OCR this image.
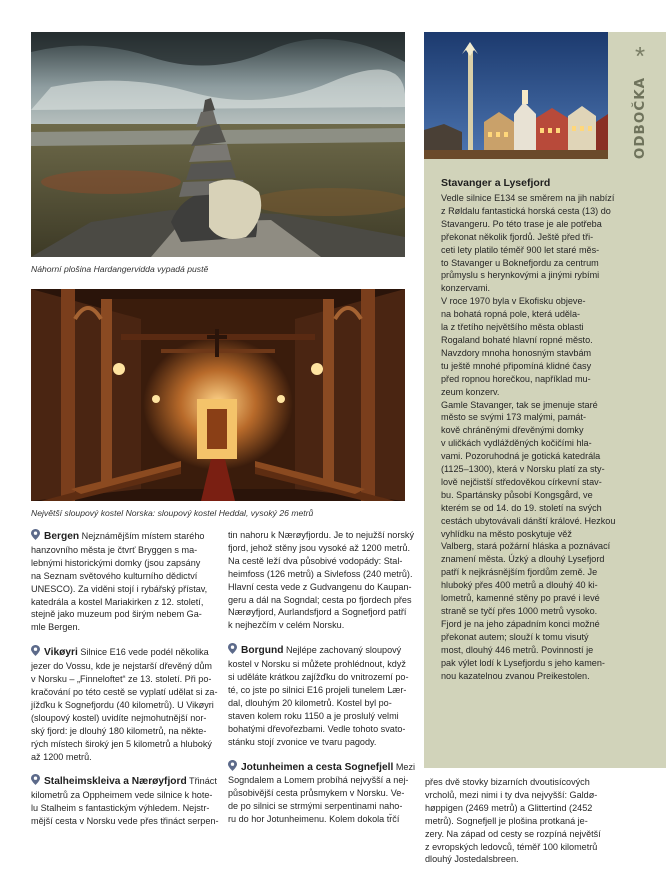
Náhorní plošina Hardangervidda vypadá pustě
Největší sloupový kostel Norska: sloupový kostel Heddal, vysoký 26 metrů
*
ODBOČKA
Stavanger a Lysefjord
Vedle silnice E134 se směrem na jih nabízí
z Røldalu fantastická horská cesta (13) do
Stavangeru. Po této trase je ale potřeba
překonat několik fjordů. Ještě před tři-
ceti lety platilo téměř 900 let staré měs-
to Stavanger u Boknefjordu za centrum
průmyslu s herynkovými a jinými rybími
konzervami.
V roce 1970 byla v Ekofisku objeve-
na bohatá ropná pole, která uděla-
la z třetího největšího města oblasti
Rogaland bohaté hlavní ropné město.
Navzdory mnoha honosným stavbám
tu ještě mnohé připomíná klidné časy
před ropnou horečkou, například mu-
zeum konzerv.
Gamle Stavanger, tak se jmenuje staré
město se svými 173 malými, památ-
kově chráněnými dřevěnými domky
v uličkách vydlážděných kočičími hla-
vami. Pozoruhodná je gotická katedrála
(1125–1300), která v Norsku platí za sty-
lově nejčistší středověkou církevní stav-
bu. Spartánsky působí Kongsgård, ve
kterém se od 14. do 19. století na svých
cestách ubytovávali dánští králové. Hezkou
vyhlídku na město poskytuje věž
Valberg, stará požární hláska a poznávací
znamení města. Úzký a dlouhý Lysefjord
patří k nejkrásnějším fjordům země. Je
hluboký přes 400 metrů a dlouhý 40 ki-
lometrů, kamenné stěny po pravé i levé
straně se tyčí přes 1000 metrů vysoko.
Fjord je na jeho západním konci možné
překonat autem; slouží k tomu visutý
most, dlouhý 446 metrů. Povinností je
pak výlet lodí k Lysefjordu s jeho kamen-
nou kazatelnou zvanou Preikestolen.
Bergen Nejznámějším místem starého
hanzovního města je čtvrť Bryggen s ma-
lebnými historickými domky (jsou zapsány
na Seznam světového kulturního dědictví
UNESCO). Za viděni stojí i rybářský přístav,
katedrála a kostel Mariakirken z 12. století,
stejně jako muzeum pod širým nebem Ga-
mle Bergen.
Vikøyri Silnice E16 vede podél několika
jezer do Vossu, kde je nejstarší dřevěný dům
v Norsku – „Finneloftet“ ze 13. století. Při po-
kračování po této cestě se vyplatí udělat si za-
jížďku k Sognefjordu (40 kilometrů). U Vikøyri
(sloupový kostel) uvidíte nejmohutnější nor-
ský fjord: je dlouhý 180 kilometrů, na někte-
rých místech široký jen 5 kilometrů a hluboký
až 1200 metrů.
Stalheimskleiva a Nærøyfjord Třináct
kilometrů za Oppheimem vede silnice k hote-
lu Stalheim s fantastickým výhledem. Nejstr-
mější cesta v Norsku vede přes třináct serpen-
tin nahoru k Nærøyfjordu. Je to nejužší norský
fjord, jehož stěny jsou vysoké až 1200 metrů.
Na cestě leží dva působivé vodopády: Stal-
heimfoss (126 metrů) a Sivlefoss (240 metrů).
Hlavní cesta vede z Gudvangenu do Kaupan-
geru a dál na Sogndal; cesta po fjordech přes
Nærøyfjord, Aurlandsfjord a Sognefjord patří
k nejhezčím v celém Norsku.
Borgund Nejlépe zachovaný sloupový
kostel v Norsku si můžete prohlédnout, když
si uděláte krátkou zajížďku do vnitrozemí po-
té, co jste po silnici E16 projeli tunelem Lær-
dal, dlouhým 20 kilometrů. Kostel byl po-
staven kolem roku 1150 a je proslulý velmi
bohatými dřevořezbami. Vedle tohoto svato-
stánku stojí zvonice ve tvaru pagody.
Jotunheimen a cesta Sognefjell Mezi
Sogndalem a Lomem probíhá nejvyšší a nej-
působivější cesta průsmykem v Norsku. Ve-
de po silnici se strmými serpentinami naho-
ru do hor Jotunheimenu. Kolem dokola tr̆čí
přes dvě stovky bizarních dvoutisícových
vrcholů, mezi nimi i ty dva nejvyšší: Galdø-
høppigen (2469 metrů) a Glittertind (2452
metrů). Sognefjell je plošina protkaná je-
zery. Na západ od cesty se rozpíná největší
z evropských ledovců, téměř 100 kilometrů
dlouhý Jostedalsbreen.
